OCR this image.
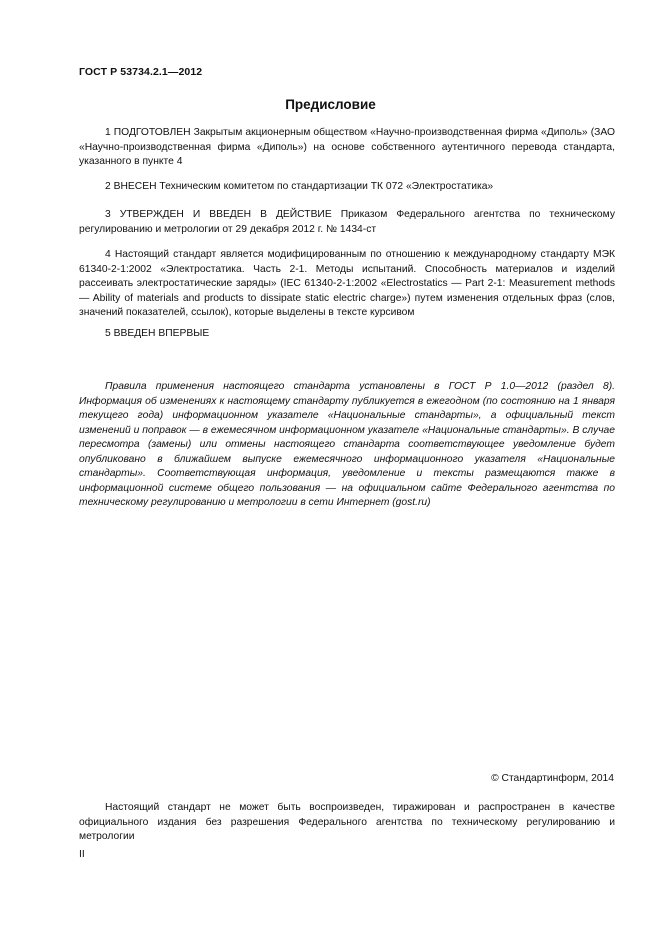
ГОСТ Р 53734.2.1—2012
Предисловие

1 ПОДГОТОВЛЕН Закрытым акционерным обществом «Научно-производственная фирма «Диполь» (ЗАО «Научно-производственная фирма «Диполь») на основе собственного аутентичного перевода стандарта, указанного в пункте 4

2 ВНЕСЕН Техническим комитетом по стандартизации ТК 072 «Электростатика»

3 УТВЕРЖДЕН И ВВЕДЕН В ДЕЙСТВИЕ Приказом Федерального агентства по техническому регулированию и метрологии от 29 декабря 2012 г. № 1434-ст

4 Настоящий стандарт является модифицированным по отношению к международному стандарту МЭК 61340-2-1:2002 «Электростатика. Часть 2-1. Методы испытаний. Способность материалов и изделий рассеивать электростатические заряды» (IEC 61340-2-1:2002 «Electrostatics — Part 2-1: Measurement methods — Ability of materials and products to dissipate static electric charge») путем изменения отдельных фраз (слов, значений показателей, ссылок), которые выделены в тексте курсивом

5 ВВЕДЕН ВПЕРВЫЕ

Правила применения настоящего стандарта установлены в ГОСТ Р 1.0—2012 (раздел 8). Информация об изменениях к настоящему стандарту публикуется в ежегодном (по состоянию на 1 января текущего года) информационном указателе «Национальные стандарты», а официальный текст изменений и поправок — в ежемесячном информационном указателе «Национальные стандарты». В случае пересмотра (замены) или отмены настоящего стандарта соответствующее уведомление будет опубликовано в ближайшем выпуске ежемесячного информационного указателя «Национальные стандарты». Соответствующая информация, уведомление и тексты размещаются также в информационной системе общего пользования — на официальном сайте Федерального агентства по техническому регулированию и метрологии в сети Интернет (gost.ru)

© Стандартинформ, 2014

Настоящий стандарт не может быть воспроизведен, тиражирован и распространен в качестве официального издания без разрешения Федерального агентства по техническому регулированию и метрологии

II
